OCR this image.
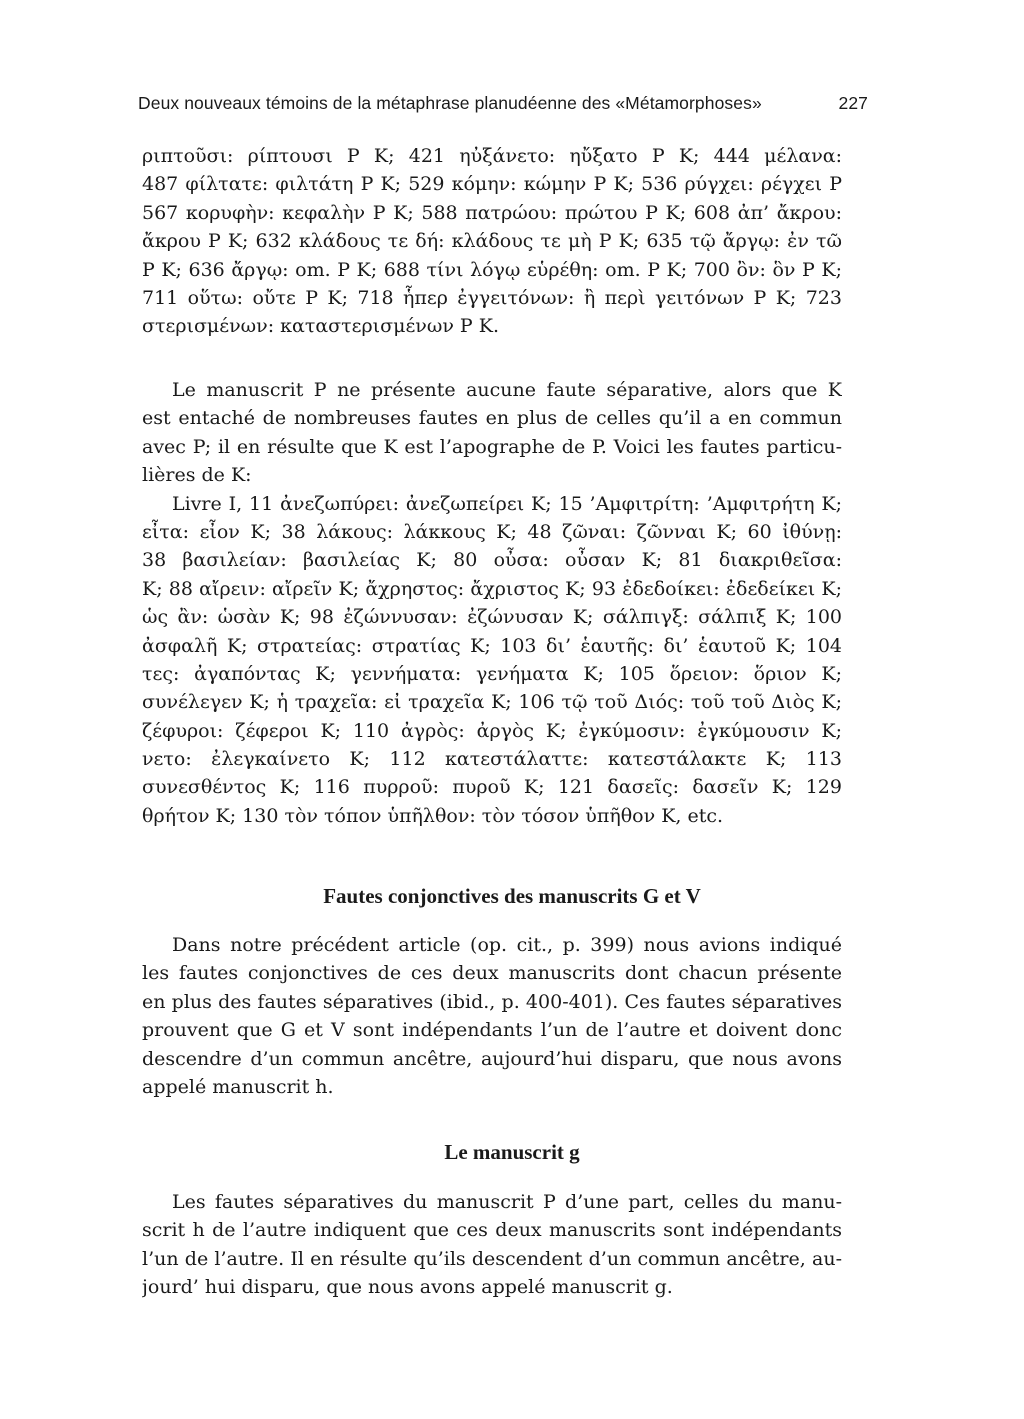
Deux nouveaux témoins de la métaphrase planudéenne des «Métamorphoses»	227
ριπτοῦσι: ρίπτουσι P K; 421 ηὐξάνετο: ηὔξατο P K; 444 μέλανα:
487 φίλτατε: φιλτάτη P K; 529 κόμην: κώμην P K; 536 ρύγχει: ρέγχει P
567 κορυφὴν: κεφαλὴν P K; 588 πατρώου: πρώτου P K; 608 ἀπ’ ἄκρου:
ἄκρου P K; 632 κλάδους τε δή: κλάδους τε μὴ P K; 635 τῷ ἄργῳ: ἐν τῶ
P K; 636 ἄργῳ: om. P K; 688 τίνι λόγῳ εὑρέθη: om. P K; 700 ὂν: ὃν P K;
711 οὕτω: οὔτε P K; 718 ἧπερ ἐγγειτόνων: ἢ περὶ γειτόνων P K; 723
στερισμένων: καταστερισμένων P K.
Le manuscrit P ne présente aucune faute séparative, alors que K
est entaché de nombreuses fautes en plus de celles qu’il a en commun
avec P; il en résulte que K est l’apographe de P. Voici les fautes particu-
lières de K:
Livre I, 11 ἀνεζωπύρει: ἀνεζωπείρει K; 15 ’Αμφιτρίτη: ’Αμφιτρήτη K;
εἶτα: εἶον K; 38 λάκους: λάκκους K; 48 ζῶναι: ζῶνναι K; 60 ἰθύνῃ:
38 βασιλείαν: βασιλείας K; 80 οὖσα: οὖσαν K; 81 διακριθεῖσα:
K; 88 αἴρειν: αἴρεῖν K; ἄχρηστος: ἄχριστος K; 93 ἐδεδοίκει: ἐδεδείκει K;
ὡς ἂν: ὡσὰν K; 98 ἐζώννυσαν: ἐζώνυσαν K; σάλπιγξ: σάλπιξ K; 100
ἀσφαλῆ K; στρατείας: στρατίας K; 103 δι’ ἑαυτῆς: δι’ ἑαυτοῦ K; 104
τες: ἀγαπόντας K; γεννήματα: γενήματα K; 105 ὅρειον: ὅριον K;
συνέλεγεν K; ἡ τραχεῖα: εἰ τραχεῖα K; 106 τῷ τοῦ Διός: τοῦ τοῦ Διὸς K;
ζέφυροι: ζέφεροι K; 110 ἀγρὸς: ἀργὸς K; ἐγκύμοσιν: ἐγκύμουσιν K;
νετο: ἐλεγκαίνετο K; 112 κατεστάλαττε: κατεστάλακτε K; 113
συνεσθέντος K; 116 πυρροῦ: πυροῦ K; 121 δασεῖς: δασεῖν K; 129
θρήτον K; 130 τὸν τόπον ὑπῆλθον: τὸν τόσον ὑπῆθον K, etc.
Fautes conjonctives des manuscrits G et V
Dans notre précédent article (op. cit., p. 399) nous avions indiqué
les fautes conjonctives de ces deux manuscrits dont chacun présente
en plus des fautes séparatives (ibid., p. 400-401). Ces fautes séparatives
prouvent que G et V sont indépendants l’un de l’autre et doivent donc
descendre d’un commun ancêtre, aujourd’hui disparu, que nous avons
appelé manuscrit h.
Le manuscrit g
Les fautes séparatives du manuscrit P d’une part, celles du manu-
scrit h de l’autre indiquent que ces deux manuscrits sont indépendants
l’un de l’autre. Il en résulte qu’ils descendent d’un commun ancêtre, au-
jourd’ hui disparu, que nous avons appelé manuscrit g.
